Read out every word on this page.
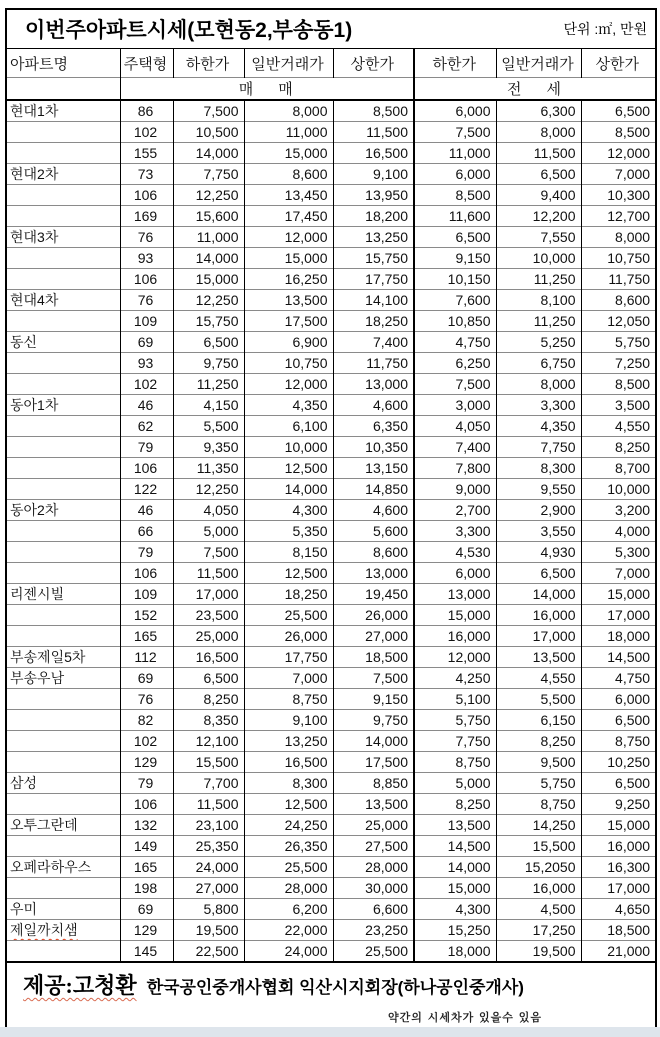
이번주아파트시세(모현동2,부송동1) 단위 :㎡, 만원							

아파트명	주택형	하한가	일반거래가	상한가	하한가	일반거래가	상한가
	매      매				전      세		
현대1차	86	7,500	8,000	8,500	6,000	6,300	6,500
	102	10,500	11,000	11,500	7,500	8,000	8,500
	155	14,000	15,000	16,500	11,000	11,500	12,000
현대2차	73	7,750	8,600	9,100	6,000	6,500	7,000
	106	12,250	13,450	13,950	8,500	9,400	10,300
	169	15,600	17,450	18,200	11,600	12,200	12,700
현대3차	76	11,000	12,000	13,250	6,500	7,550	8,000
	93	14,000	15,000	15,750	9,150	10,000	10,750
	106	15,000	16,250	17,750	10,150	11,250	11,750
현대4차	76	12,250	13,500	14,100	7,600	8,100	8,600
	109	15,750	17,500	18,250	10,850	11,250	12,050
동신	69	6,500	6,900	7,400	4,750	5,250	5,750
	93	9,750	10,750	11,750	6,250	6,750	7,250
	102	11,250	12,000	13,000	7,500	8,000	8,500
동아1차	46	4,150	4,350	4,600	3,000	3,300	3,500
	62	5,500	6,100	6,350	4,050	4,350	4,550
	79	9,350	10,000	10,350	7,400	7,750	8,250
	106	11,350	12,500	13,150	7,800	8,300	8,700
	122	12,250	14,000	14,850	9,000	9,550	10,000
동아2차	46	4,050	4,300	4,600	2,700	2,900	3,200
	66	5,000	5,350	5,600	3,300	3,550	4,000
	79	7,500	8,150	8,600	4,530	4,930	5,300
	106	11,500	12,500	13,000	6,000	6,500	7,000
리젠시빌	109	17,000	18,250	19,450	13,000	14,000	15,000
	152	23,500	25,500	26,000	15,000	16,000	17,000
	165	25,000	26,000	27,000	16,000	17,000	18,000
부송제일5차	112	16,500	17,750	18,500	12,000	13,500	14,500
부송우남	69	6,500	7,000	7,500	4,250	4,550	4,750
	76	8,250	8,750	9,150	5,100	5,500	6,000
	82	8,350	9,100	9,750	5,750	6,150	6,500
	102	12,100	13,250	14,000	7,750	8,250	8,750
	129	15,500	16,500	17,500	8,750	9,500	10,250
삼성	79	7,700	8,300	8,850	5,000	5,750	6,500
	106	11,500	12,500	13,500	8,250	8,750	9,250
오투그란데	132	23,100	24,250	25,000	13,500	14,250	15,000
	149	25,350	26,350	27,500	14,500	15,500	16,000
오페라하우스	165	24,000	25,500	28,000	14,000	15,2050	16,300
	198	27,000	28,000	30,000	15,000	16,000	17,000
우미	69	5,800	6,200	6,600	4,300	4,500	4,650
제일까치샘	129	19,500	22,000	23,250	15,250	17,250	18,500
	145	22,500	24,000	25,500	18,000	19,500	21,000

제공:고청환 한국공인중개사협회 익산시지회장(하나공인중개사)
약간의 시세차가 있을수 있음							
